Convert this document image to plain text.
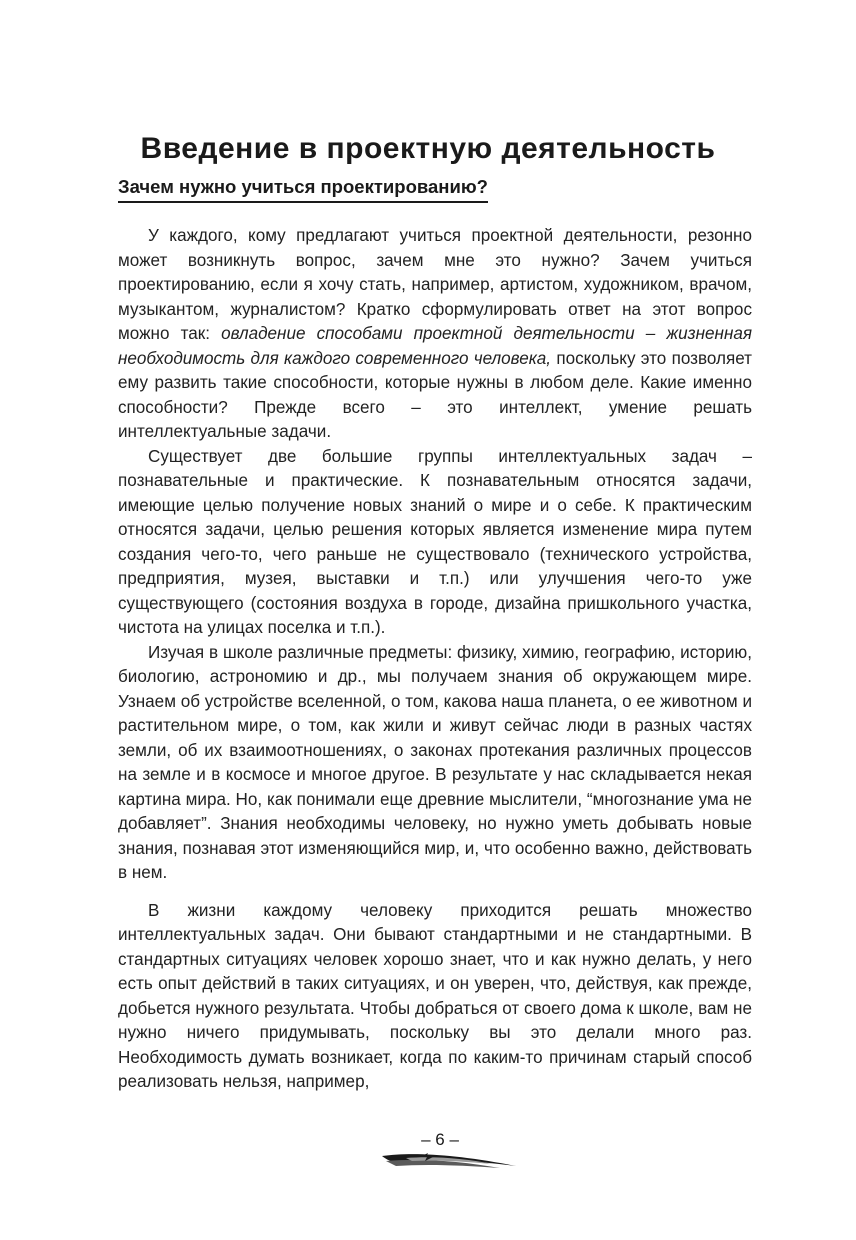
Введение в проектную деятельность
Зачем нужно учиться проектированию?

У каждого, кому предлагают учиться проектной деятельности, резонно может возникнуть вопрос, зачем мне это нужно? Зачем учиться проектированию, если я хочу стать, например, артистом, художником, врачом, музыкантом, журналистом? Кратко сформулировать ответ на этот вопрос можно так: овладение способами проектной деятельности – жизненная необходимость для каждого современного человека, поскольку это позволяет ему развить такие способности, которые нужны в любом деле. Какие именно способности? Прежде всего – это интеллект, умение решать интеллектуальные задачи.

Существует две большие группы интеллектуальных задач – познавательные и практические. К познавательным относятся задачи, имеющие целью получение новых знаний о мире и о себе. К практическим относятся задачи, целью решения которых является изменение мира путем создания чего-то, чего раньше не существовало (технического устройства, предприятия, музея, выставки и т.п.) или улучшения чего-то уже существующего (состояния воздуха в городе, дизайна пришкольного участка, чистота на улицах поселка и т.п.).

Изучая в школе различные предметы: физику, химию, географию, историю, биологию, астрономию и др., мы получаем знания об окружающем мире. Узнаем об устройстве вселенной, о том, какова наша планета, о ее животном и растительном мире, о том, как жили и живут сейчас люди в разных частях земли, об их взаимоотношениях, о законах протекания различных процессов на земле и в космосе и многое другое. В результате у нас складывается некая картина мира. Но, как понимали еще древние мыслители, “многознание ума не добавляет”. Знания необходимы человеку, но нужно уметь добывать новые знания, познавая этот изменяющийся мир, и, что особенно важно, действовать в нем.

В жизни каждому человеку приходится решать множество интеллектуальных задач. Они бывают стандартными и не стандартными. В стандартных ситуациях человек хорошо знает, что и как нужно делать, у него есть опыт действий в таких ситуациях, и он уверен, что, действуя, как прежде, добьется нужного результата. Чтобы добраться от своего дома к школе, вам не нужно ничего придумывать, поскольку вы это делали много раз. Необходимость думать возникает, когда по каким-то причинам старый способ реализовать нельзя, например,

– 6 –
